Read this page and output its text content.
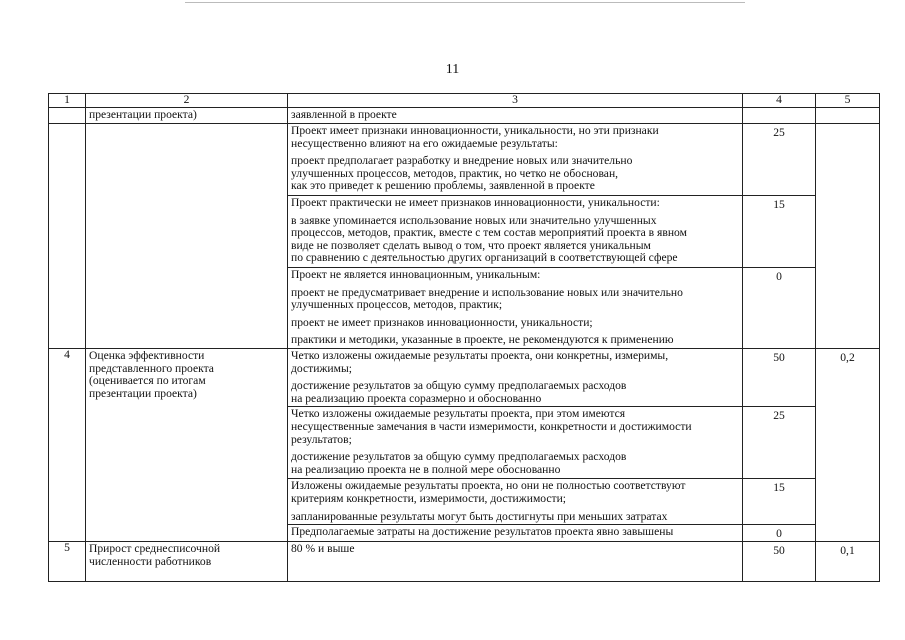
11
1	2	3	4	5

	презентации проекта)	заявленной в проекте		

		Проект имеет признаки инновационности, уникальности, но эти признаки
несущественно влияют на его ожидаемые результаты:
проект предполагает разработку и внедрение новых или значительно
улучшенных процессов, методов, практик, но четко не обоснован,
как это приведет к решению проблемы, заявленной в проекте	25	

		Проект практически не имеет признаков инновационности, уникальности:
в заявке упоминается использование новых или значительно улучшенных
процессов, методов, практик, вместе с тем состав мероприятий проекта в явном
виде не позволяет сделать вывод о том, что проект является уникальным
по сравнению с деятельностью других организаций в соответствующей сфере	15	

		Проект не является инновационным, уникальным:
проект не предусматривает внедрение и использование новых или значительно
улучшенных процессов, методов, практик;
проект не имеет признаков инновационности, уникальности;
практики и методики, указанные в проекте, не рекомендуются к применению	0	
4	Оценка эффективности
представленного проекта
(оценивается по итогам
презентации проекта)	Четко изложены ожидаемые результаты проекта, они конкретны, измеримы,
достижимы;
достижение результатов за общую сумму предполагаемых расходов
на реализацию проекта соразмерно и обоснованно	50	0,2

		Четко изложены ожидаемые результаты проекта, при этом имеются
несущественные замечания в части измеримости, конкретности и достижимости
результатов;
достижение результатов за общую сумму предполагаемых расходов
на реализацию проекта не в полной мере обоснованно	25	

		Изложены ожидаемые результаты проекта, но они не полностью соответствуют
критериям конкретности, измеримости, достижимости;
запланированные результаты могут быть достигнуты при меньших затратах	15	

		Предполагаемые затраты на достижение результатов проекта явно завышены	0	
5	Прирост среднесписочной
численности работников	80 % и выше	50	0,1
